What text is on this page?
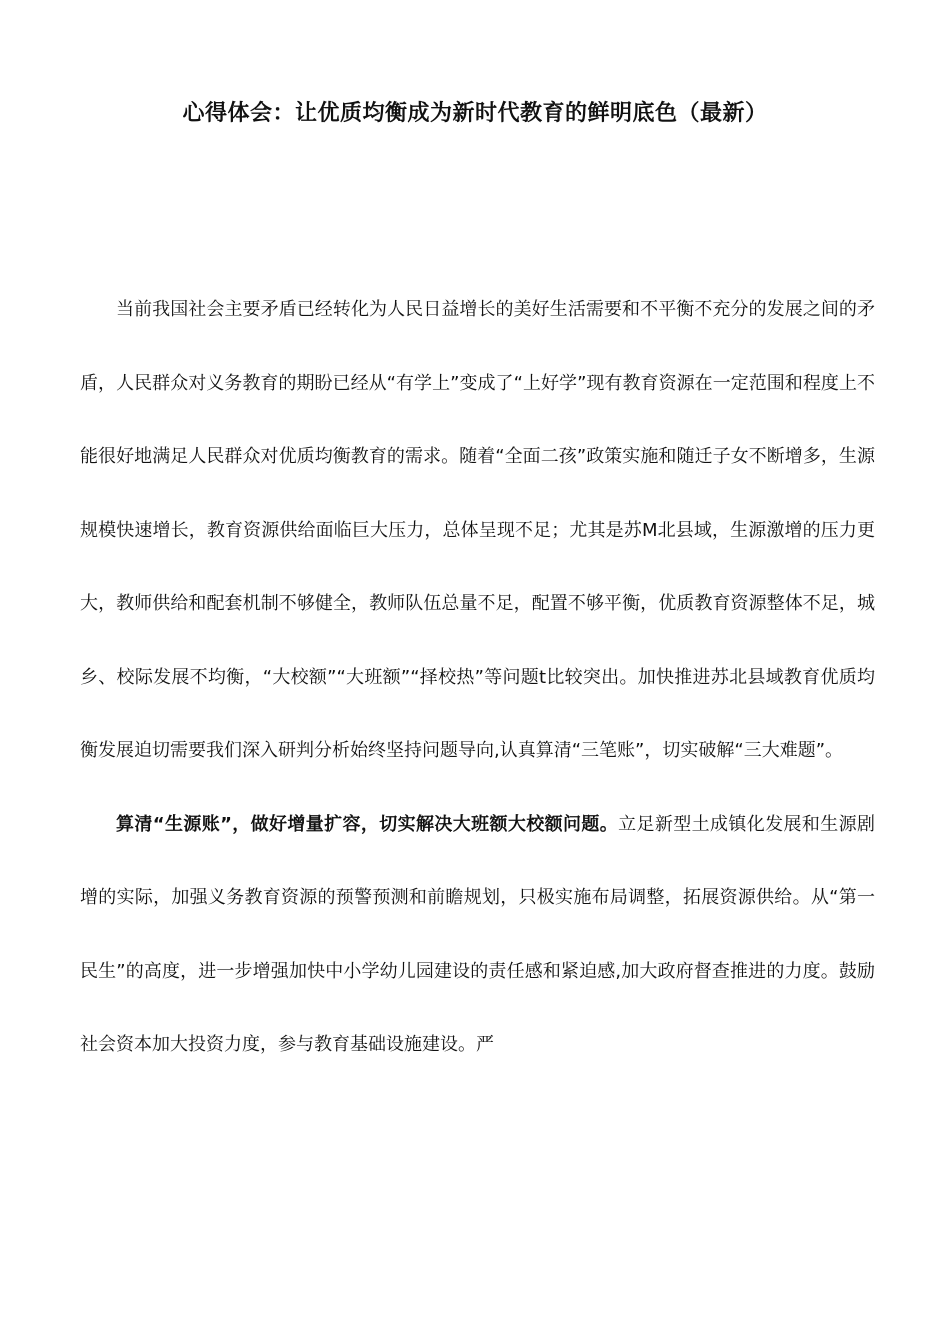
心得体会：让优质均衡成为新时代教育的鲜明底色（最新）

当前我国社会主要矛盾已经转化为人民日益增长的美好生活需要和不平衡不充分的发展之间的矛盾，人民群众对义务教育的期盼已经从“有学上”变成了“上好学”现有教育资源在一定范围和程度上不能很好地满足人民群众对优质均衡教育的需求。随着“全面二孩”政策实施和随迁子女不断增多，生源规模快速增长，教育资源供给面临巨大压力，总体呈现不足；尤其是苏M北县域，生源激增的压力更大，教师供给和配套机制不够健全，教师队伍总量不足，配置不够平衡，优质教育资源整体不足，城乡、校际发展不均衡，“大校额”“大班额”“择校热”等问题t比较突出。加快推进苏北县域教育优质均衡发展迫切需要我们深入研判分析始终坚持问题导向,认真算清“三笔账”，切实破解“三大难题”。

算清“生源账”，做好增量扩容，切实解决大班额大校额问题。立足新型土成镇化发展和生源剧增的实际，加强义务教育资源的预警预测和前瞻规划，只极实施布局调整，拓展资源供给。从“第一民生”的高度，进一步增强加快中小学幼儿园建设的责任感和紧迫感,加大政府督查推进的力度。鼓励社会资本加大投资力度，参与教育基础设施建设。严
